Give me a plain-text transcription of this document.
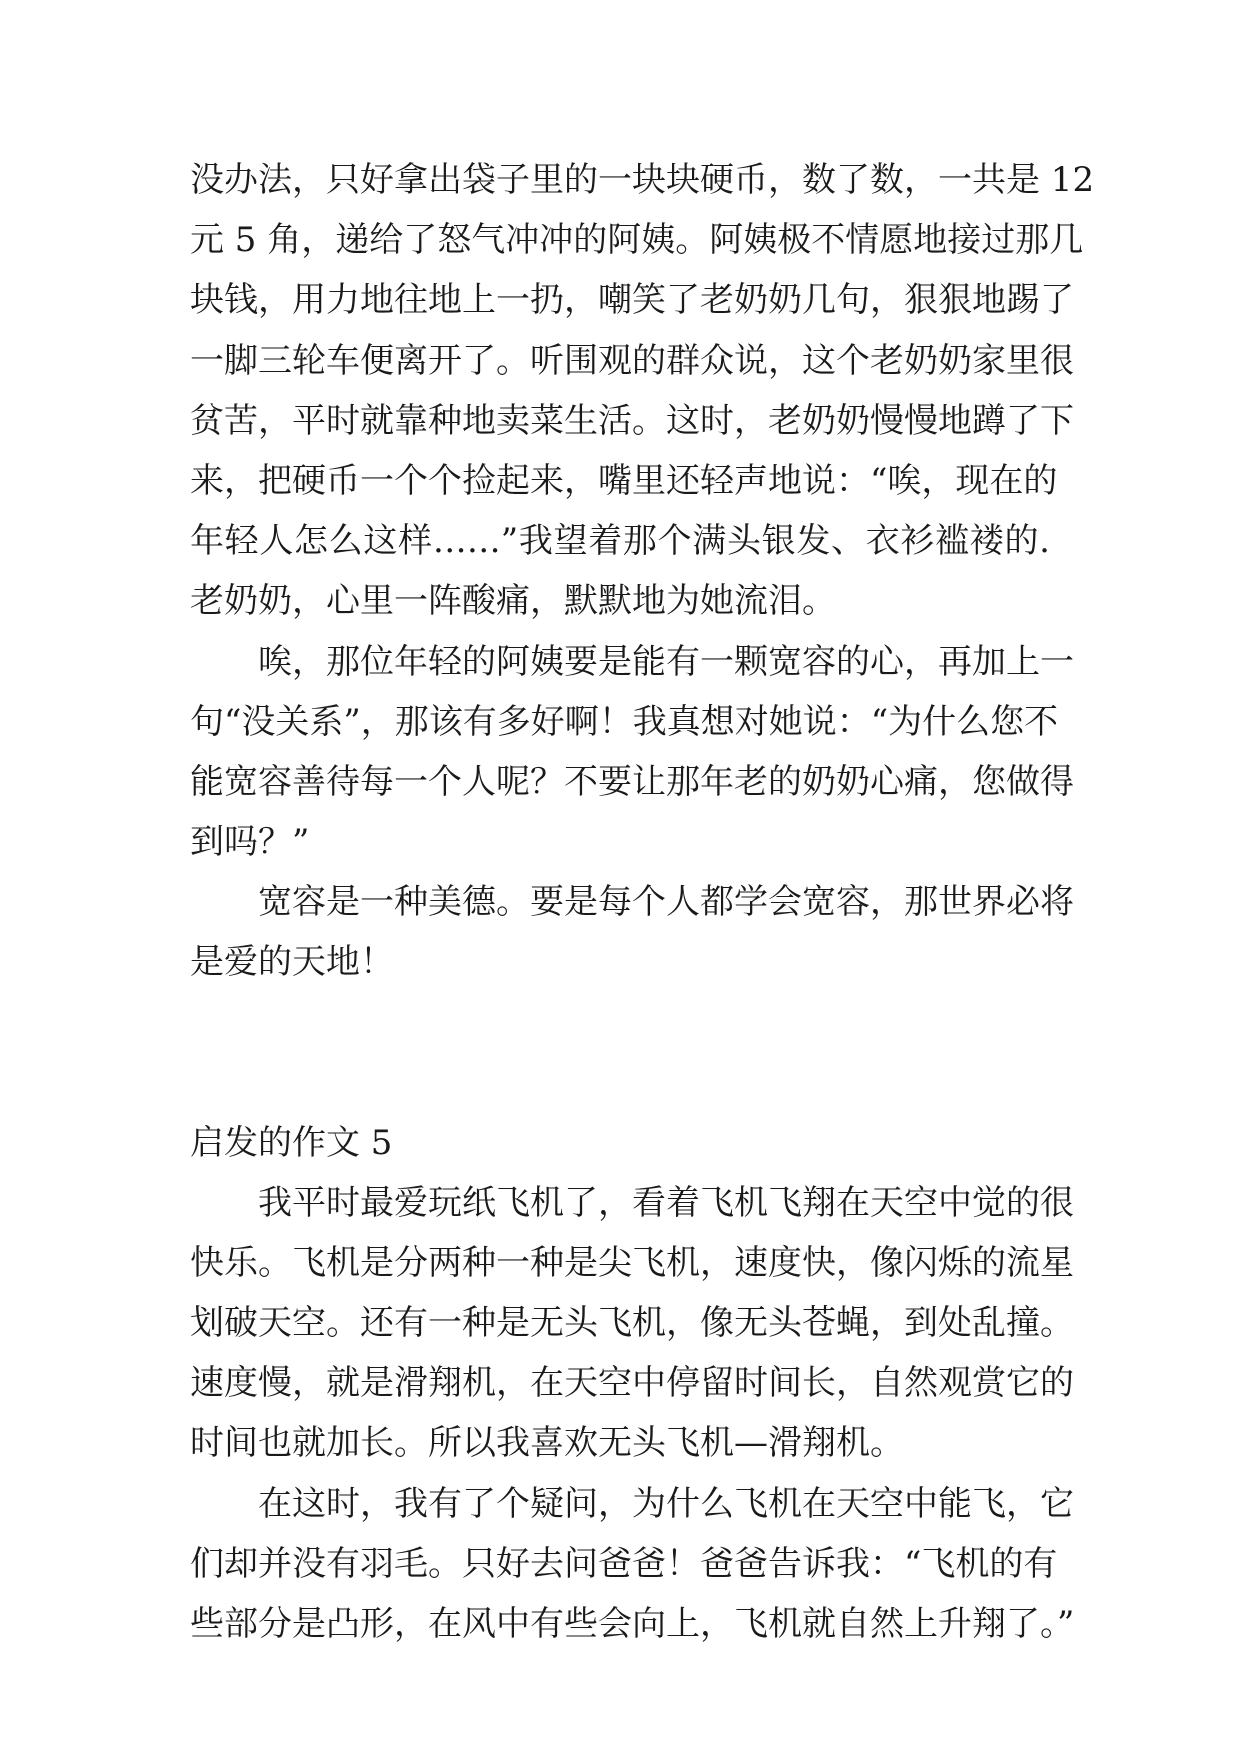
没办法，只好拿出袋子里的一块块硬币，数了数，一共是 12
元 5 角，递给了怒气冲冲的阿姨。阿姨极不情愿地接过那几
块钱，用力地往地上一扔，嘲笑了老奶奶几句，狠狠地踢了
一脚三轮车便离开了。听围观的群众说，这个老奶奶家里很
贫苦，平时就靠种地卖菜生活。这时，老奶奶慢慢地蹲了下
来，把硬币一个个捡起来，嘴里还轻声地说：“唉，现在的
年轻人怎么这样……”我望着那个满头银发、衣衫褴褛的.
老奶奶，心里一阵酸痛，默默地为她流泪。
唉，那位年轻的阿姨要是能有一颗宽容的心，再加上一
句“没关系”，那该有多好啊！我真想对她说：“为什么您不
能宽容善待每一个人呢？不要让那年老的奶奶心痛，您做得
到吗？”
宽容是一种美德。要是每个人都学会宽容，那世界必将
是爱的天地！
启发的作文 5
我平时最爱玩纸飞机了，看着飞机飞翔在天空中觉的很
快乐。飞机是分两种一种是尖飞机，速度快，像闪烁的流星
划破天空。还有一种是无头飞机，像无头苍蝇，到处乱撞。
速度慢，就是滑翔机，在天空中停留时间长，自然观赏它的
时间也就加长。所以我喜欢无头飞机—滑翔机。
在这时，我有了个疑问，为什么飞机在天空中能飞，它
们却并没有羽毛。只好去问爸爸！爸爸告诉我：“飞机的有
些部分是凸形，在风中有些会向上，飞机就自然上升翔了。”
